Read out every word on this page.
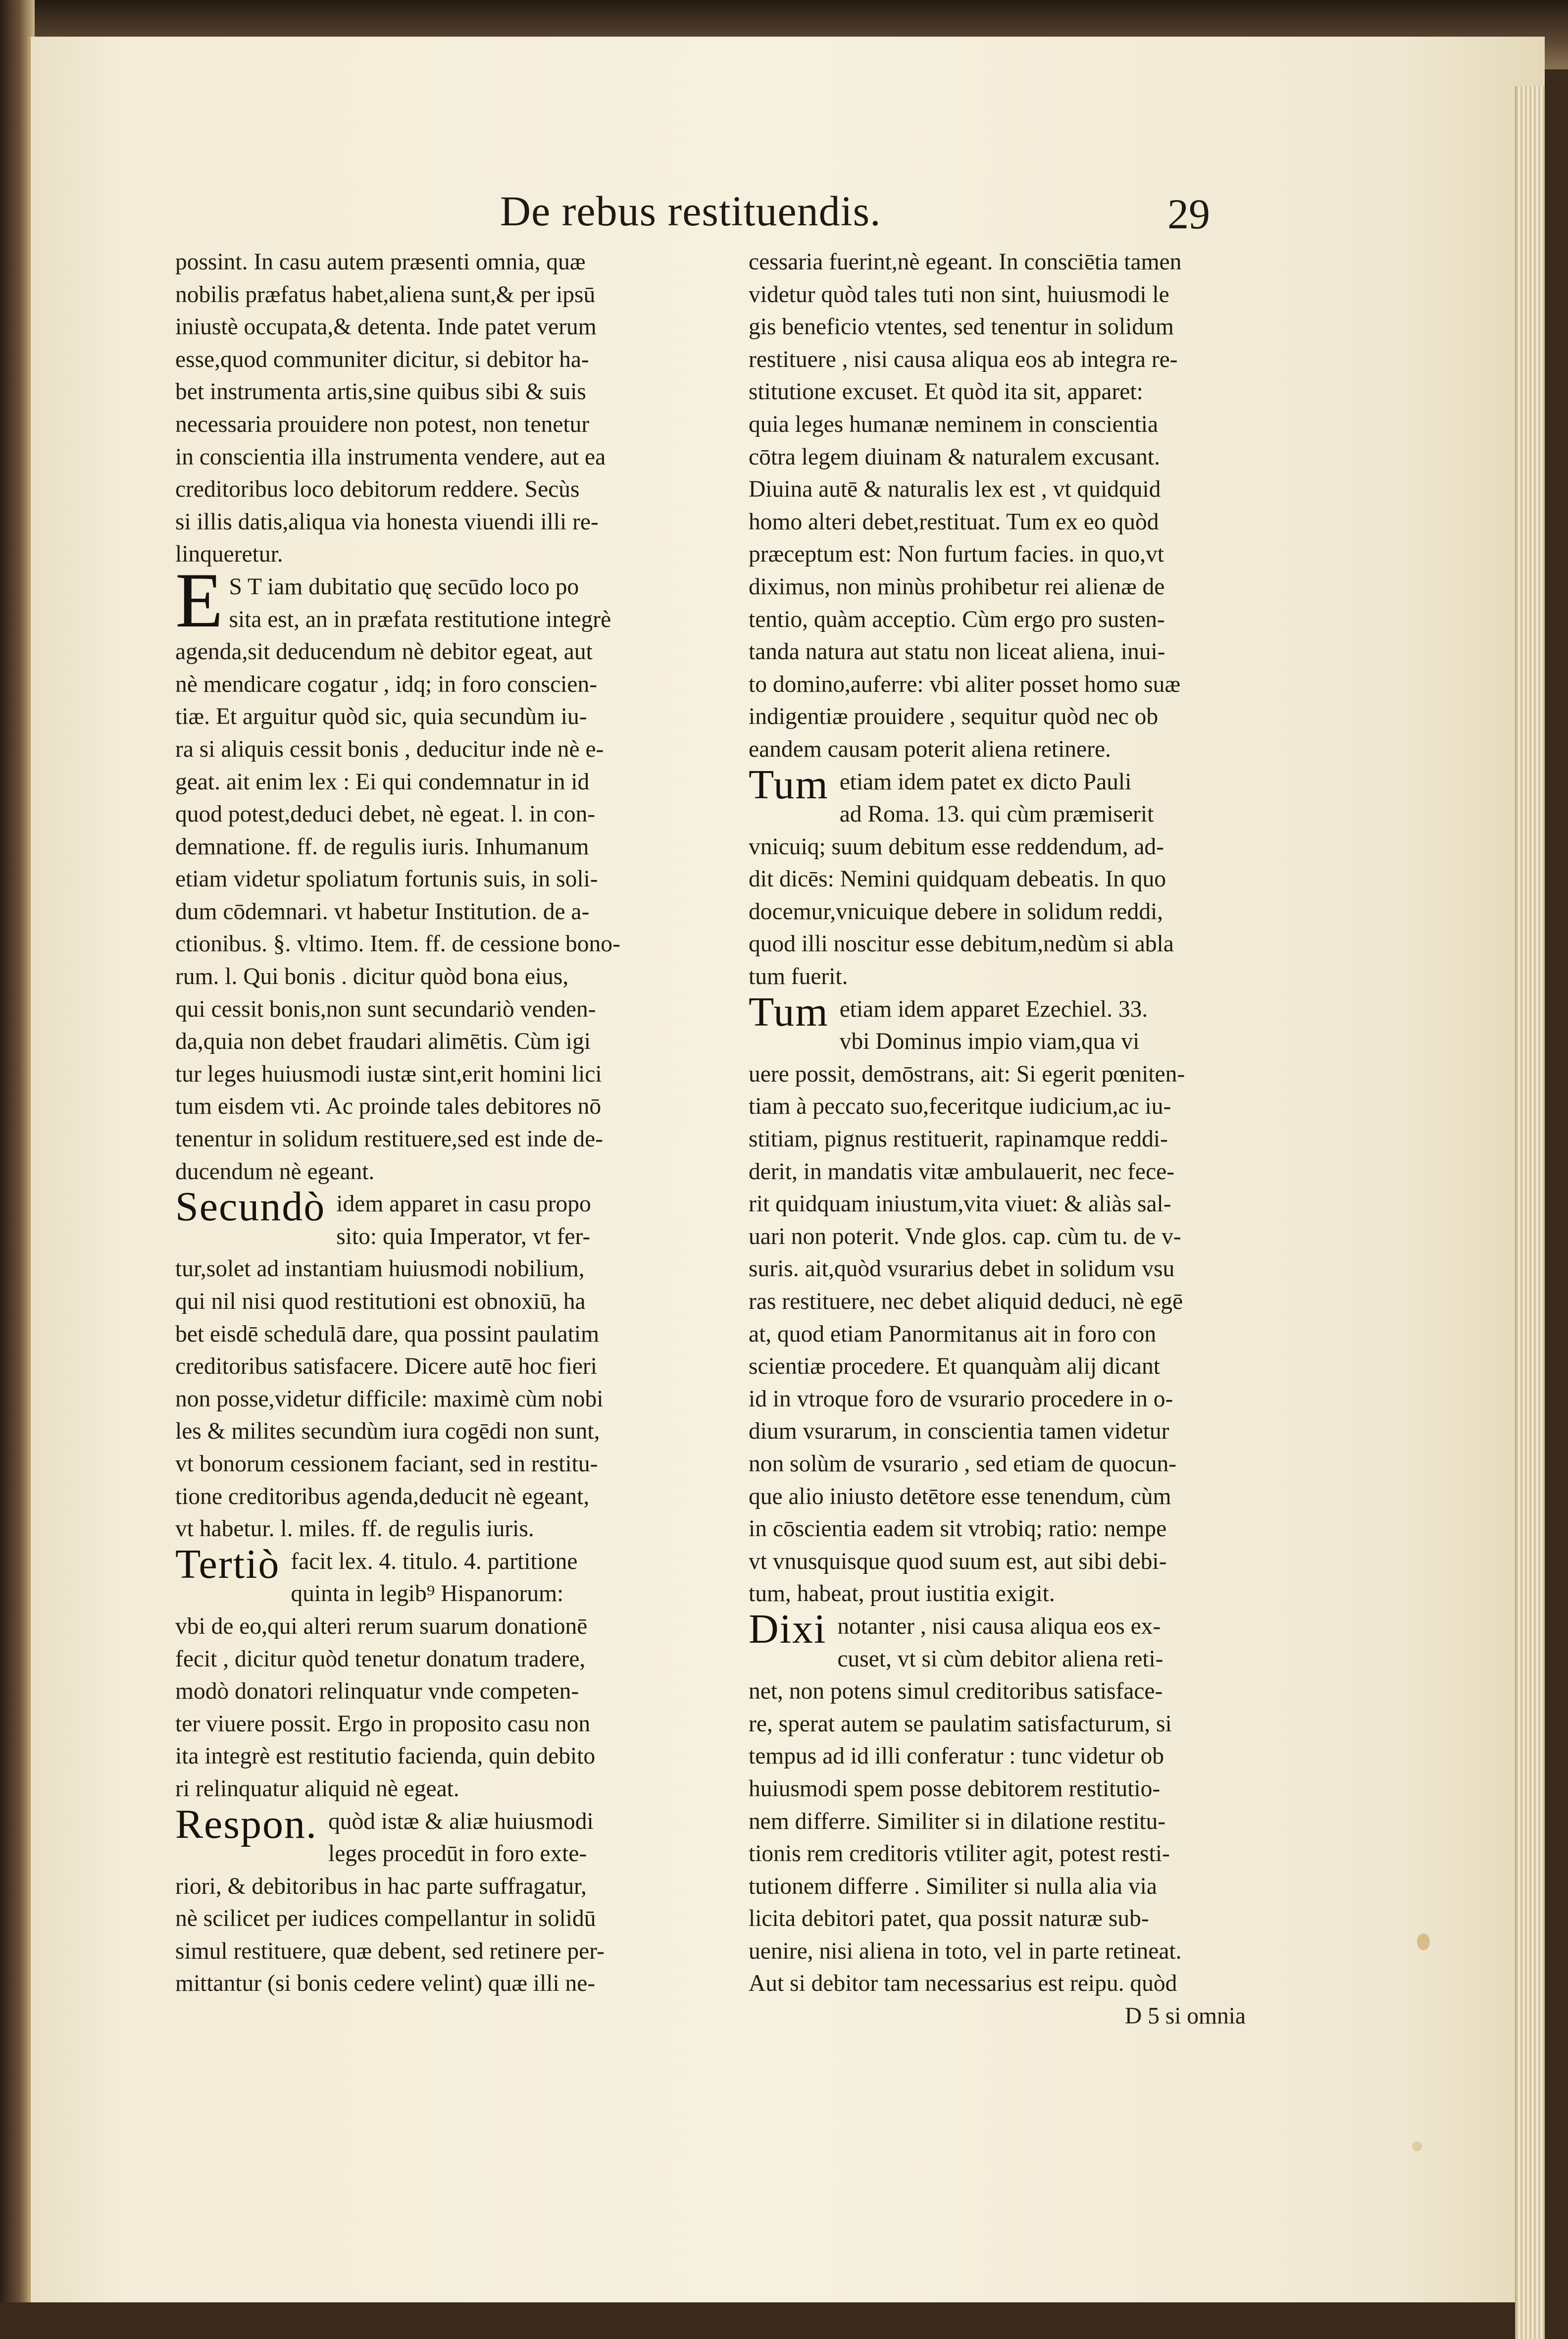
De rebus restituendis.	29

possint. In casu autem præsenti omnia, quæ
nobilis præfatus habet,aliena sunt,& per ipsū
iniustè occupata,& detenta. Inde patet verum
esse,quod communiter dicitur, si debitor ha-
bet instrumenta artis,sine quibus sibi & suis
necessaria prouidere non potest, non tenetur
in conscientia illa instrumenta vendere, aut ea
creditoribus loco debitorum reddere. Secùs
si illis datis,aliqua via honesta viuendi illi re-
linqueretur.

E S T iam dubitatio quę secūdo loco po
sita est, an in præfata restitutione integrè
agenda,sit deducendum nè debitor egeat, aut
nè mendicare cogatur , idq; in foro conscien-
tiæ. Et arguitur quòd sic, quia secundùm iu-
ra si aliquis cessit bonis , deducitur inde nè e-
geat. ait enim lex : Ei qui condemnatur in id
quod potest,deduci debet, nè egeat. l. in con-
demnatione. ff. de regulis iuris. Inhumanum
etiam videtur spoliatum fortunis suis, in soli-
dum cōdemnari. vt habetur Institution. de a-
ctionibus. §. vltimo. Item. ff. de cessione bono-
rum. l. Qui bonis . dicitur quòd bona eius,
qui cessit bonis,non sunt secundariò venden-
da,quia non debet fraudari alimētis. Cùm igi
tur leges huiusmodi iustæ sint,erit homini lici
tum eisdem vti. Ac proinde tales debitores nō
tenentur in solidum restituere,sed est inde de-
ducendum nè egeant.

Secundò idem apparet in casu propo
sito: quia Imperator, vt fer-
tur,solet ad instantiam huiusmodi nobilium,
qui nil nisi quod restitutioni est obnoxiū, ha
bet eisdē schedulā dare, qua possint paulatim
creditoribus satisfacere. Dicere autē hoc fieri
non posse,videtur difficile: maximè cùm nobi
les & milites secundùm iura cogēdi non sunt,
vt bonorum cessionem faciant, sed in restitu-
tione creditoribus agenda,deducit nè egeant,
vt habetur. l. miles. ff. de regulis iuris.

Tertiò facit lex. 4. titulo. 4. partitione
quinta in legib⁹ Hispanorum:
vbi de eo,qui alteri rerum suarum donationē
fecit , dicitur quòd tenetur donatum tradere,
modò donatori relinquatur vnde competen-
ter viuere possit. Ergo in proposito casu non
ita integrè est restitutio facienda, quin debito
ri relinquatur aliquid nè egeat.

Respon. quòd istæ & aliæ huiusmodi
leges procedūt in foro exte-
riori, & debitoribus in hac parte suffragatur,
nè scilicet per iudices compellantur in solidū
simul restituere, quæ debent, sed retinere per-
mittantur (si bonis cedere velint) quæ illi ne-

cessaria fuerint,nè egeant. In consciētia tamen
videtur quòd tales tuti non sint, huiusmodi le
gis beneficio vtentes, sed tenentur in solidum
restituere , nisi causa aliqua eos ab integra re-
stitutione excuset. Et quòd ita sit, apparet:
quia leges humanæ neminem in conscientia
cōtra legem diuinam & naturalem excusant.
Diuina autē & naturalis lex est , vt quidquid
homo alteri debet,restituat. Tum ex eo quòd
præceptum est: Non furtum facies. in quo,vt
diximus, non minùs prohibetur rei alienæ de
tentio, quàm acceptio. Cùm ergo pro susten-
tanda natura aut statu non liceat aliena, inui-
to domino,auferre: vbi aliter posset homo suæ
indigentiæ prouidere , sequitur quòd nec ob
eandem causam poterit aliena retinere.

Tum etiam idem patet ex dicto Pauli
ad Roma. 13. qui cùm præmiserit
vnicuiq; suum debitum esse reddendum, ad-
dit dicēs: Nemini quidquam debeatis. In quo
docemur,vnicuique debere in solidum reddi,
quod illi noscitur esse debitum,nedùm si abla
tum fuerit.

Tum etiam idem apparet Ezechiel. 33.
vbi Dominus impio viam,qua vi
uere possit, demōstrans, ait: Si egerit pœniten-
tiam à peccato suo,feceritque iudicium,ac iu-
stitiam, pignus restituerit, rapinamque reddi-
derit, in mandatis vitæ ambulauerit, nec fece-
rit quidquam iniustum,vita viuet: & aliàs sal-
uari non poterit. Vnde glos. cap. cùm tu. de v-
suris. ait,quòd vsurarius debet in solidum vsu
ras restituere, nec debet aliquid deduci, nè egē
at, quod etiam Panormitanus ait in foro con
scientiæ procedere. Et quanquàm alij dicant
id in vtroque foro de vsurario procedere in o-
dium vsurarum, in conscientia tamen videtur
non solùm de vsurario , sed etiam de quocun-
que alio iniusto detētore esse tenendum, cùm
in cōscientia eadem sit vtrobiq; ratio: nempe
vt vnusquisque quod suum est, aut sibi debi-
tum, habeat, prout iustitia exigit.

Dixi notanter , nisi causa aliqua eos ex-
cuset, vt si cùm debitor aliena reti-
net, non potens simul creditoribus satisface-
re, sperat autem se paulatim satisfacturum, si
tempus ad id illi conferatur : tunc videtur ob
huiusmodi spem posse debitorem restitutio-
nem differre. Similiter si in dilatione restitu-
tionis rem creditoris vtiliter agit, potest resti-
tutionem differre . Similiter si nulla alia via
licita debitori patet, qua possit naturæ sub-
uenire, nisi aliena in toto, vel in parte retineat.
Aut si debitor tam necessarius est reipu. quòd
D 5 si omnia
